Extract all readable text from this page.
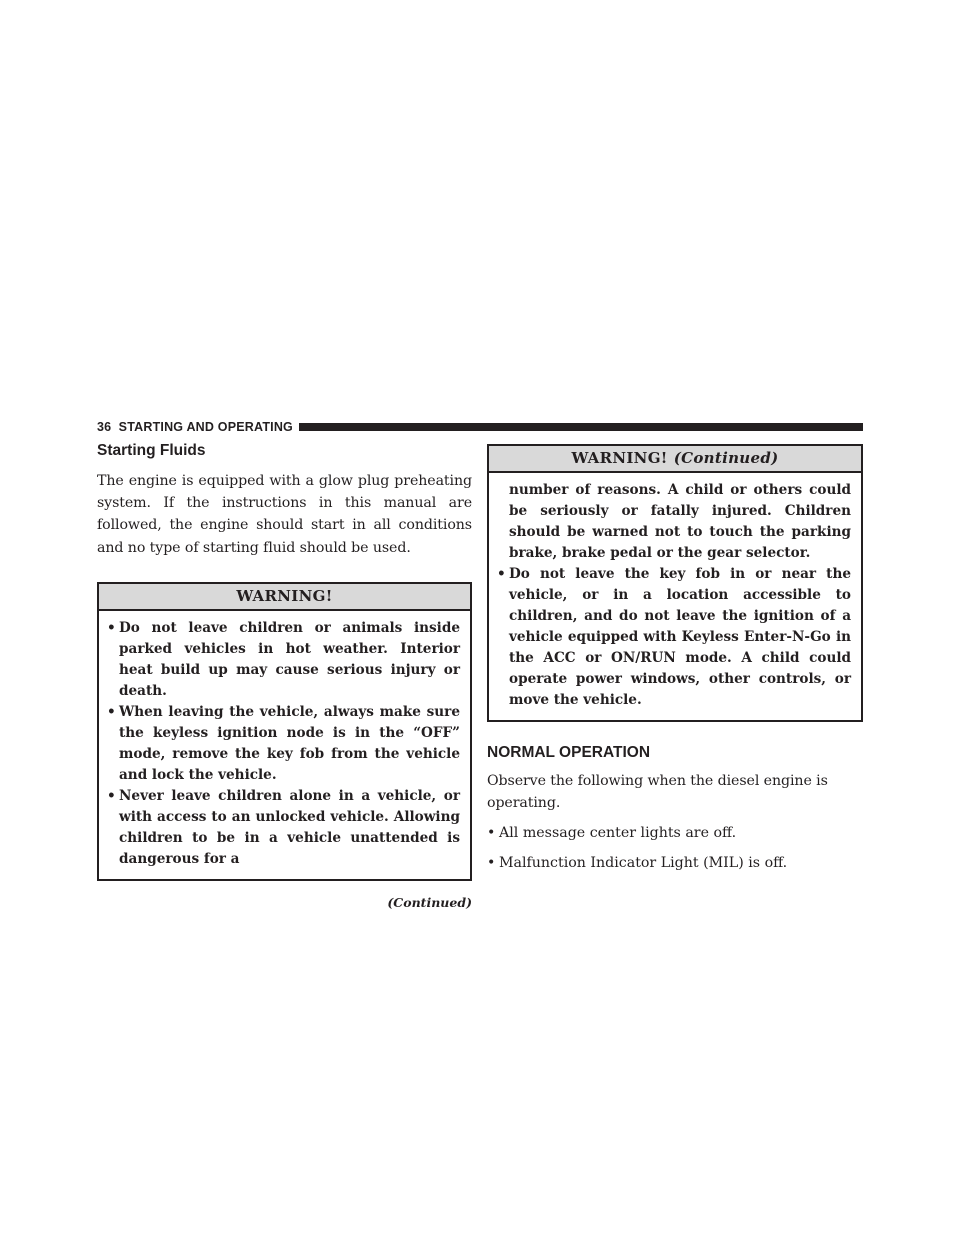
36 STARTING AND OPERATING
Starting Fluids

The engine is equipped with a glow plug preheating system. If the instructions in this manual are followed, the engine should start in all conditions and no type of starting fluid should be used.

WARNING!
• Do not leave children or animals inside parked vehicles in hot weather. Interior heat build up may cause serious injury or death.
• When leaving the vehicle, always make sure the keyless ignition node is in the “OFF” mode, remove the key fob from the vehicle and lock the vehicle.
• Never leave children alone in a vehicle, or with access to an unlocked vehicle. Allowing children to be in a vehicle unattended is dangerous for a
(Continued)
WARNING! (Continued)
number of reasons. A child or others could be seriously or fatally injured. Children should be warned not to touch the parking brake, brake pedal or the gear selector.
• Do not leave the key fob in or near the vehicle, or in a location accessible to children, and do not leave the ignition of a vehicle equipped with Keyless Enter-N-Go in the ACC or ON/RUN mode. A child could operate power windows, other controls, or move the vehicle.
NORMAL OPERATION

Observe the following when the diesel engine is operating.

• All message center lights are off.
• Malfunction Indicator Light (MIL) is off.
